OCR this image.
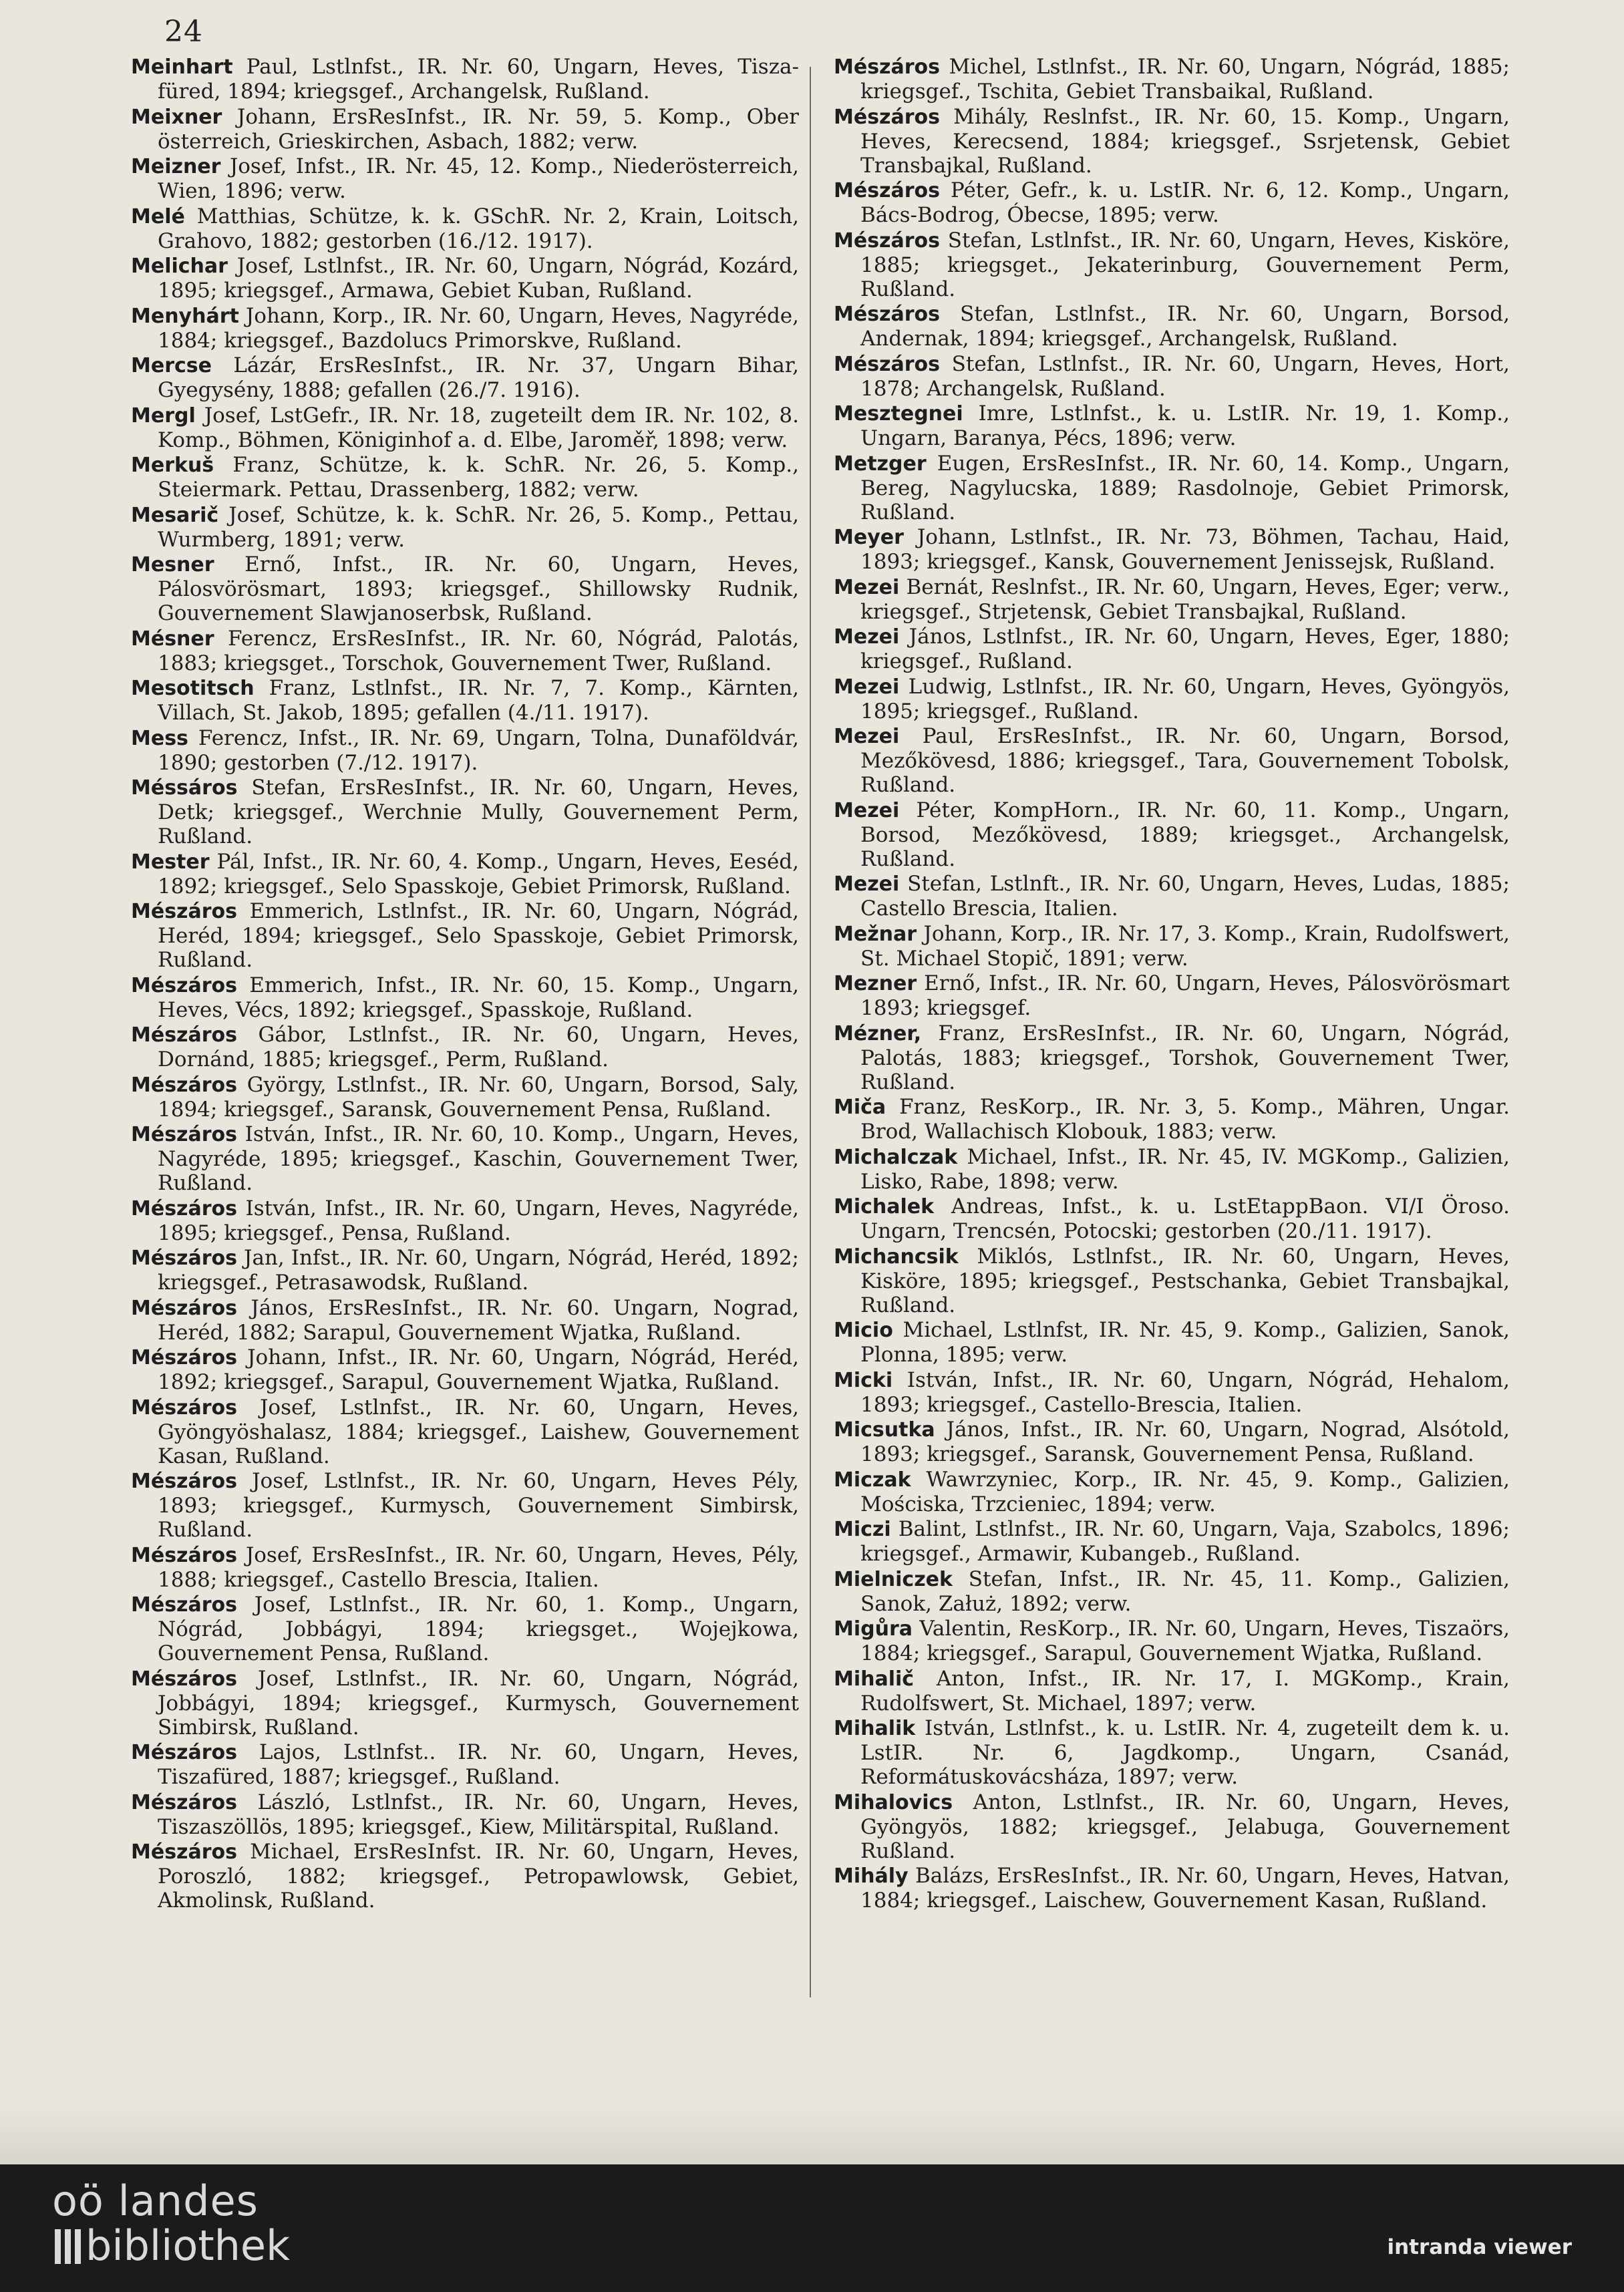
24

Meinhart Paul, Lstlnfst., IR. Nr. 60, Ungarn, Heves, Tisza-füred, 1894; kriegsgef., Archangelsk, Rußland.

Meixner Johann, ErsResInfst., IR. Nr. 59, 5. Komp., Ober österreich, Grieskirchen, Asbach, 1882; verw.

Meizner Josef, Infst., IR. Nr. 45, 12. Komp., Niederösterreich, Wien, 1896; verw.

Melé Matthias, Schütze, k. k. GSchR. Nr. 2, Krain, Loitsch, Grahovo, 1882; gestorben (16./12. 1917).

Melichar Josef, Lstlnfst., IR. Nr. 60, Ungarn, Nógrád, Kozárd, 1895; kriegsgef., Armawa, Gebiet Kuban, Rußland.

Menyhárt Johann, Korp., IR. Nr. 60, Ungarn, Heves, Nagyréde, 1884; kriegsgef., Bazdolucs Primorskve, Rußland.

Mercse Lázár, ErsResInfst., IR. Nr. 37, Ungarn Bihar, Gyegysény, 1888; gefallen (26./7. 1916).

Mergl Josef, LstGefr., IR. Nr. 18, zugeteilt dem IR. Nr. 102, 8. Komp., Böhmen, Königinhof a. d. Elbe, Jaroměř, 1898; verw.

Merkuš Franz, Schütze, k. k. SchR. Nr. 26, 5. Komp., Steiermark. Pettau, Drassenberg, 1882; verw.

Mesarič Josef, Schütze, k. k. SchR. Nr. 26, 5. Komp., Pettau, Wurmberg, 1891; verw.

Mesner Ernő, Infst., IR. Nr. 60, Ungarn, Heves, Pálosvörösmart, 1893; kriegsgef., Shillowsky Rudnik, Gouvernement Slawjanoserbsk, Rußland.

Mésner Ferencz, ErsResInfst., IR. Nr. 60, Nógrád, Palotás, 1883; kriegsget., Torschok, Gouvernement Twer, Rußland.

Mesotitsch Franz, Lstlnfst., IR. Nr. 7, 7. Komp., Kärnten, Villach, St. Jakob, 1895; gefallen (4./11. 1917).

Mess Ferencz, Infst., IR. Nr. 69, Ungarn, Tolna, Dunaföldvár, 1890; gestorben (7./12. 1917).

Méssáros Stefan, ErsResInfst., IR. Nr. 60, Ungarn, Heves, Detk; kriegsgef., Werchnie Mully, Gouvernement Perm, Rußland.

Mester Pál, Infst., IR. Nr. 60, 4. Komp., Ungarn, Heves, Eeséd, 1892; kriegsgef., Selo Spasskoje, Gebiet Primorsk, Rußland.

Mészáros Emmerich, Lstlnfst., IR. Nr. 60, Ungarn, Nógrád, Heréd, 1894; kriegsgef., Selo Spasskoje, Gebiet Primorsk, Rußland.

Mészáros Emmerich, Infst., IR. Nr. 60, 15. Komp., Ungarn, Heves, Vécs, 1892; kriegsgef., Spasskoje, Rußland.

Mészáros Gábor, Lstlnfst., IR. Nr. 60, Ungarn, Heves, Dornánd, 1885; kriegsgef., Perm, Rußland.

Mészáros György, Lstlnfst., IR. Nr. 60, Ungarn, Borsod, Saly, 1894; kriegsgef., Saransk, Gouvernement Pensa, Rußland.

Mészáros István, Infst., IR. Nr. 60, 10. Komp., Ungarn, Heves, Nagyréde, 1895; kriegsgef., Kaschin, Gouvernement Twer, Rußland.

Mészáros István, Infst., IR. Nr. 60, Ungarn, Heves, Nagyréde, 1895; kriegsgef., Pensa, Rußland.

Mészáros Jan, Infst., IR. Nr. 60, Ungarn, Nógrád, Heréd, 1892; kriegsgef., Petrasawodsk, Rußland.

Mészáros János, ErsResInfst., IR. Nr. 60. Ungarn, Nograd, Heréd, 1882; Sarapul, Gouvernement Wjatka, Rußland.

Mészáros Johann, Infst., IR. Nr. 60, Ungarn, Nógrád, Heréd, 1892; kriegsgef., Sarapul, Gouvernement Wjatka, Rußland.

Mészáros Josef, Lstlnfst., IR. Nr. 60, Ungarn, Heves, Gyöngyöshalasz, 1884; kriegsgef., Laishew, Gouvernement Kasan, Rußland.

Mészáros Josef, Lstlnfst., IR. Nr. 60, Ungarn, Heves Pély, 1893; kriegsgef., Kurmysch, Gouvernement Simbirsk, Rußland.

Mészáros Josef, ErsResInfst., IR. Nr. 60, Ungarn, Heves, Pély, 1888; kriegsgef., Castello Brescia, Italien.

Mészáros Josef, Lstlnfst., IR. Nr. 60, 1. Komp., Ungarn, Nógrád, Jobbágyi, 1894; kriegsget., Wojejkowa, Gouvernement Pensa, Rußland.

Mészáros Josef, Lstlnfst., IR. Nr. 60, Ungarn, Nógrád, Jobbágyi, 1894; kriegsgef., Kurmysch, Gouvernement Simbirsk, Rußland.

Mészáros Lajos, Lstlnfst.. IR. Nr. 60, Ungarn, Heves, Tiszafüred, 1887; kriegsgef., Rußland.

Mészáros László, Lstlnfst., IR. Nr. 60, Ungarn, Heves, Tiszaszöllös, 1895; kriegsgef., Kiew, Militärspital, Rußland.

Mészáros Michael, ErsResInfst. IR. Nr. 60, Ungarn, Heves, Poroszló, 1882; kriegsgef., Petropawlowsk, Gebiet, Akmolinsk, Rußland.

Mészáros Michel, Lstlnfst., IR. Nr. 60, Ungarn, Nógrád, 1885; kriegsgef., Tschita, Gebiet Transbaikal, Rußland.

Mészáros Mihály, Reslnfst., IR. Nr. 60, 15. Komp., Ungarn, Heves, Kerecsend, 1884; kriegsgef., Ssrjetensk, Gebiet Transbajkal, Rußland.

Mészáros Péter, Gefr., k. u. LstIR. Nr. 6, 12. Komp., Ungarn, Bács-Bodrog, Óbecse, 1895; verw.

Mészáros Stefan, Lstlnfst., IR. Nr. 60, Ungarn, Heves, Kisköre, 1885; kriegsget., Jekaterinburg, Gouvernement Perm, Rußland.

Mészáros Stefan, Lstlnfst., IR. Nr. 60, Ungarn, Borsod, Andernak, 1894; kriegsgef., Archangelsk, Rußland.

Mészáros Stefan, Lstlnfst., IR. Nr. 60, Ungarn, Heves, Hort, 1878; Archangelsk, Rußland.

Mesztegnei Imre, Lstlnfst., k. u. LstIR. Nr. 19, 1. Komp., Ungarn, Baranya, Pécs, 1896; verw.

Metzger Eugen, ErsResInfst., IR. Nr. 60, 14. Komp., Ungarn, Bereg, Nagylucska, 1889; Rasdolnoje, Gebiet Primorsk, Rußland.

Meyer Johann, Lstlnfst., IR. Nr. 73, Böhmen, Tachau, Haid, 1893; kriegsgef., Kansk, Gouvernement Jenissejsk, Rußland.

Mezei Bernát, Reslnfst., IR. Nr. 60, Ungarn, Heves, Eger; verw., kriegsgef., Strjetensk, Gebiet Transbajkal, Rußland.

Mezei János, Lstlnfst., IR. Nr. 60, Ungarn, Heves, Eger, 1880; kriegsgef., Rußland.

Mezei Ludwig, Lstlnfst., IR. Nr. 60, Ungarn, Heves, Gyöngyös, 1895; kriegsgef., Rußland.

Mezei Paul, ErsResInfst., IR. Nr. 60, Ungarn, Borsod, Mezőkövesd, 1886; kriegsgef., Tara, Gouvernement Tobolsk, Rußland.

Mezei Péter, KompHorn., IR. Nr. 60, 11. Komp., Ungarn, Borsod, Mezőkövesd, 1889; kriegsget., Archangelsk, Rußland.

Mezei Stefan, Lstlnft., IR. Nr. 60, Ungarn, Heves, Ludas, 1885; Castello Brescia, Italien.

Mežnar Johann, Korp., IR. Nr. 17, 3. Komp., Krain, Rudolfswert, St. Michael Stopič, 1891; verw.

Mezner Ernő, Infst., IR. Nr. 60, Ungarn, Heves, Pálosvörösmart 1893; kriegsgef.

Mézner, Franz, ErsResInfst., IR. Nr. 60, Ungarn, Nógrád, Palotás, 1883; kriegsgef., Torshok, Gouvernement Twer, Rußland.

Miča Franz, ResKorp., IR. Nr. 3, 5. Komp., Mähren, Ungar. Brod, Wallachisch Klobouk, 1883; verw.

Michalczak Michael, Infst., IR. Nr. 45, IV. MGKomp., Galizien, Lisko, Rabe, 1898; verw.

Michalek Andreas, Infst., k. u. LstEtappBaon. VI/I Öroso. Ungarn, Trencsén, Potocski; gestorben (20./11. 1917).

Michancsik Miklós, Lstlnfst., IR. Nr. 60, Ungarn, Heves, Kisköre, 1895; kriegsgef., Pestschanka, Gebiet Transbajkal, Rußland.

Micio Michael, Lstlnfst, IR. Nr. 45, 9. Komp., Galizien, Sanok, Plonna, 1895; verw.

Micki István, Infst., IR. Nr. 60, Ungarn, Nógrád, Hehalom, 1893; kriegsgef., Castello-Brescia, Italien.

Micsutka János, Infst., IR. Nr. 60, Ungarn, Nograd, Alsótold, 1893; kriegsgef., Saransk, Gouvernement Pensa, Rußland.

Miczak Wawrzyniec, Korp., IR. Nr. 45, 9. Komp., Galizien, Mościska, Trzcieniec, 1894; verw.

Miczi Balint, Lstlnfst., IR. Nr. 60, Ungarn, Vaja, Szabolcs, 1896; kriegsgef., Armawir, Kubangeb., Rußland.

Mielniczek Stefan, Infst., IR. Nr. 45, 11. Komp., Galizien, Sanok, Załuż, 1892; verw.

Migůra Valentin, ResKorp., IR. Nr. 60, Ungarn, Heves, Tiszaörs, 1884; kriegsgef., Sarapul, Gouvernement Wjatka, Rußland.

Mihalič Anton, Infst., IR. Nr. 17, I. MGKomp., Krain, Rudolfswert, St. Michael, 1897; verw.

Mihalik István, Lstlnfst., k. u. LstIR. Nr. 4, zugeteilt dem k. u. LstIR. Nr. 6, Jagdkomp., Ungarn, Csanád, Reformátuskovácsháza, 1897; verw.

Mihalovics Anton, Lstlnfst., IR. Nr. 60, Ungarn, Heves, Gyöngyös, 1882; kriegsgef., Jelabuga, Gouvernement Rußland.

Mihály Balázs, ErsResInfst., IR. Nr. 60, Ungarn, Heves, Hatvan, 1884; kriegsgef., Laischew, Gouvernement Kasan, Rußland.

oö landes
bibliothek	intranda viewer
